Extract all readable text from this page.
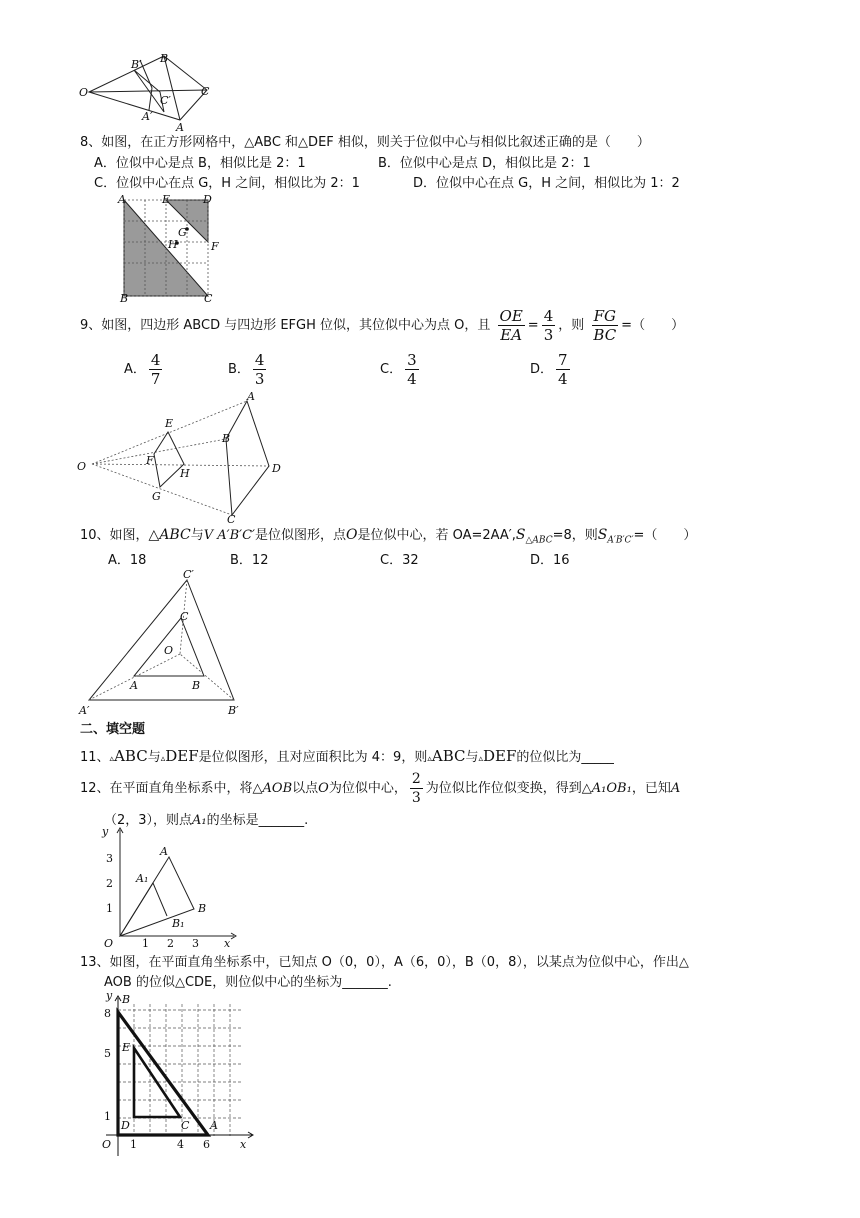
O
B′ B
C′
C
A′
A
8、如图，在正方形网格中，△ABC 和△DEF 相似，则关于位似中心与相似比叙述正确的是（　　）
A．位似中心是点 B，相似比是 2：1	B．位似中心是点 D，相似比是 2：1
C．位似中心在点 G，H 之间，相似比为 2：1	D．位似中心在点 G，H 之间，相似比为 1：2
A	E	D
G
H	F
B	C
9、如图，四边形 ABCD 与四边形 EFGH 位似，其位似中心为点 O，且 $\frac{OE}{EA} = \frac{4}{3}$ ，则 $\frac{FG}{BC}$ =（　　）
A． $\frac{4}{7}$	B． $\frac{4}{3}$	C． $\frac{3}{4}$	D． $\frac{7}{4}$
A
E
B
O	F
H	D
G
C
10、如图，△ABC与V A′B′C′是位似图形，点O是位似中心，若 $OA=2AA',S_{\triangle ABC}=8$，则$S_{A'B'C'}=$（　　）
A．18	B．12	C．32	D．16
C′
C
O
A	B
A′	B′
二、填空题
11、▵ABC与▵DEF是位似图形，且对应面积比为 4：9，则▵ABC与▵DEF的位似比为_____
12、在平面直角坐标系中，将△AOB以点O为位似中心， $\frac{2}{3}$ 为位似比作位似变换，得到△A₁OB₁，已知A
（2，3），则点A₁的坐标是_______.
y
3
2
1
O	1 2 3 x
A
A₁
B₁
B
13、如图，在平面直角坐标系中，已知点 O（0，0），A（6，0），B（0，8），以某点为位似中心，作出△
AOB 的位似△CDE，则位似中心的坐标为_______.
y B
8
E
5
1
D	C A
O 1	4 6	x
